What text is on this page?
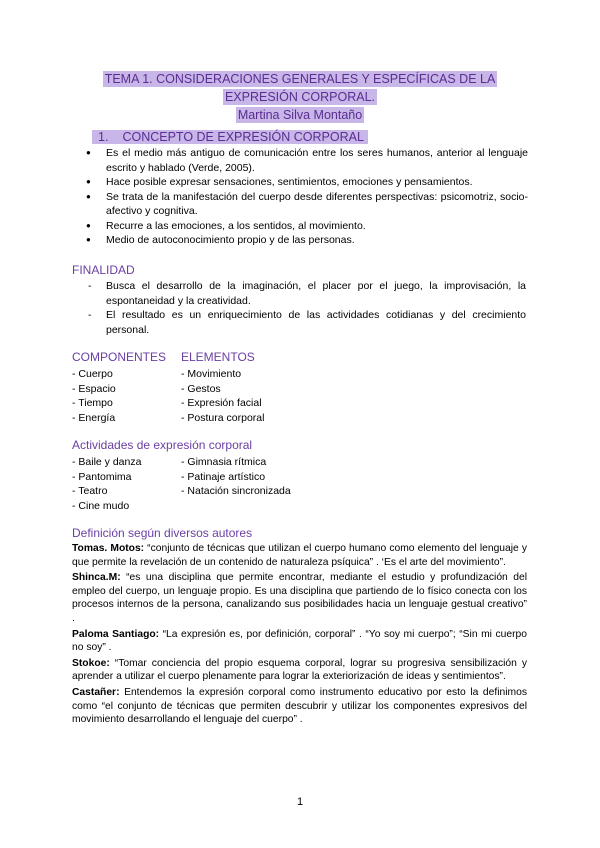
TEMA 1. CONSIDERACIONES GENERALES Y ESPECÍFICAS DE LA
EXPRESIÓN CORPORAL.
Martina Silva Montaño
1. CONCEPTO DE EXPRESIÓN CORPORAL
● Es el medio más antiguo de comunicación entre los seres humanos, anterior al lenguaje escrito y hablado (Verde, 2005).
● Hace posible expresar sensaciones, sentimientos, emociones y pensamientos.
● Se trata de la manifestación del cuerpo desde diferentes perspectivas: psicomotriz, socio-afectivo y cognitiva.
● Recurre a las emociones, a los sentidos, al movimiento.
● Medio de autoconocimiento propio y de las personas.
FINALIDAD
- Busca el desarrollo de la imaginación, el placer por el juego, la improvisación, la espontaneidad y la creatividad.
- El resultado es un enriquecimiento de las actividades cotidianas y del crecimiento personal.
COMPONENTES ELEMENTOS
- Cuerpo
- Espacio
- Tiempo
- Energía
- Movimiento
- Gestos
- Expresión facial
- Postura corporal
Actividades de expresión corporal
- Baile y danza
- Pantomima
- Teatro
- Cine mudo
- Gimnasia rítmica
- Patinaje artístico
- Natación sincronizada
Definición según diversos autores

Tomas. Motos: “conjunto de técnicas que utilizan el cuerpo humano como elemento del lenguaje y que permite la revelación de un contenido de naturaleza psíquica” . ‘Es el arte del movimiento”.

Shinca.M: “es una disciplina que permite encontrar, mediante el estudio y profundización del empleo del cuerpo, un lenguaje propio. Es una disciplina que partiendo de lo físico conecta con los procesos internos de la persona, canalizando sus posibilidades hacia un lenguaje gestual creativo” .

Paloma Santiago: “La expresión es, por definición, corporal” . “Yo soy mi cuerpo”; “Sin mi cuerpo no soy” .

Stokoe: “Tomar conciencia del propio esquema corporal, lograr su progresiva sensibilización y aprender a utilizar el cuerpo plenamente para lograr la exteriorización de ideas y sentimientos”.

Castañer: Entendemos la expresión corporal como instrumento educativo por esto la definimos como “el conjunto de técnicas que permiten descubrir y utilizar los componentes expresivos del movimiento desarrollando el lenguaje del cuerpo” .

1
